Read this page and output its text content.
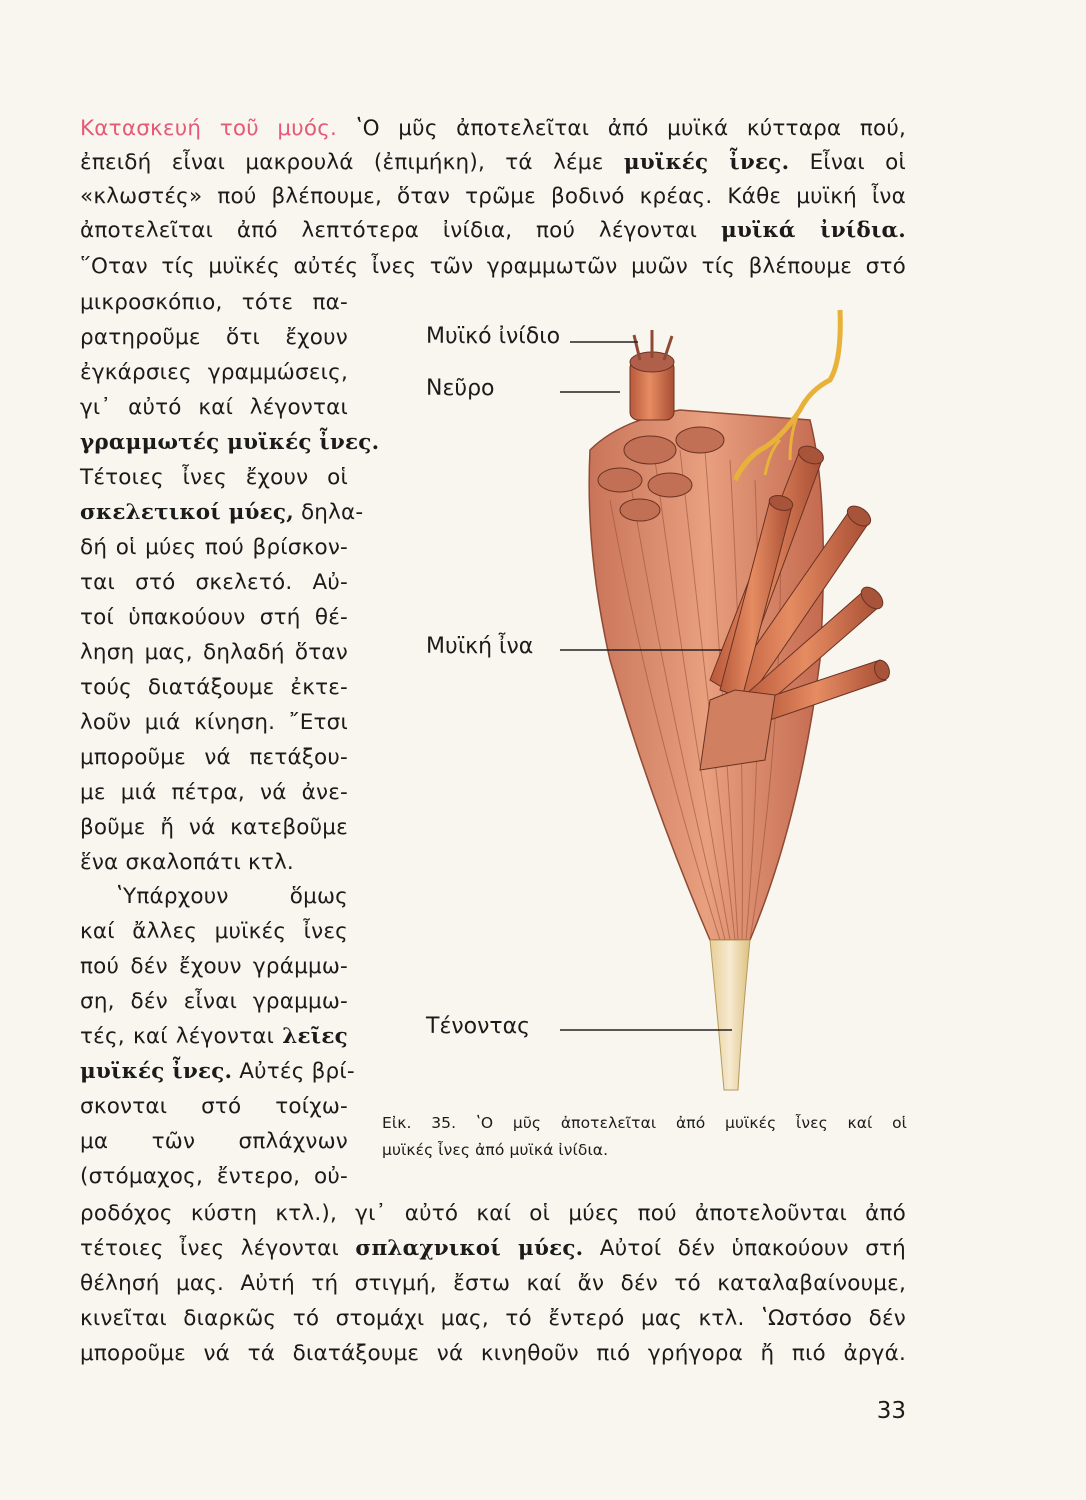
Κατασκευή τοῦ μυός. ʽΟ μῦς ἀποτελεῖται ἀπό μυϊκά κύτταρα πού,
ἐπειδή εἶναι μακρουλά (ἐπιμήκη), τά λέμε μυϊκές ἶνες. Εἶναι οἱ
«κλωστές» πού βλέπουμε, ὅταν τρῶμε βοδινό κρέας. Κάθε μυϊκή ἶνα
ἀποτελεῖται ἀπό λεπτότερα ἰνίδια, πού λέγονται μυϊκά ἰνίδια.
῞Οταν τίς μυϊκές αὐτές ἶνες τῶν γραμμωτῶν μυῶν τίς βλέπουμε στό
μικροσκόπιο, τότε πα-
ρατηροῦμε ὅτι ἔχουν
ἐγκάρσιες γραμμώσεις,
γι᾽ αὐτό καί λέγονται
γραμμωτές μυϊκές ἶνες.
Τέτοιες ἶνες ἔχουν οἱ
σκελετικοί μύες, δηλα-
δή οἱ μύες πού βρίσκον-
ται στό σκελετό. Αὐ-
τοί ὑπακούουν στή θέ-
ληση μας, δηλαδή ὅταν
τούς διατάξουμε ἐκτε-
λοῦν μιά κίνηση. ῎Ετσι
μποροῦμε νά πετάξου-
με μιά πέτρα, νά ἀνε-
βοῦμε ἤ νά κατεβοῦμε
ἕνα σκαλοπάτι κτλ.
ʽΥπάρχουν ὅμως
καί ἄλλες μυϊκές ἶνες
πού δέν ἔχουν γράμμω-
ση, δέν εἶναι γραμμω-
τές, καί λέγονται λεῖες
μυϊκές ἶνες. Αὐτές βρί-
σκονται στό τοίχω-
μα τῶν σπλάχνων
(στόμαχος, ἔντερο, οὐ-
ροδόχος κύστη κτλ.), γι᾽ αὐτό καί οἱ μύες πού ἀποτελοῦνται ἀπό
τέτοιες ἶνες λέγονται σπλαχνικοί μύες. Αὐτοί δέν ὑπακούουν στή
θέλησή μας. Αὐτή τή στιγμή, ἔστω καί ἄν δέν τό καταλαβαίνουμε,
κινεῖται διαρκῶς τό στομάχι μας, τό ἔντερό μας κτλ. ʽΩστόσο δέν
μποροῦμε νά τά διατάξουμε νά κινηθοῦν πιό γρήγορα ἤ πιό ἀργά.
Μυϊκό ἰνίδιο
Νεῦρο
Μυϊκή ἶνα
Τένοντας
Εἰκ. 35. ʽΟ μῦς ἀποτελεῖται ἀπό μυϊκές ἶνες καί οἱ
μυϊκές ἶνες ἀπό μυϊκά ἰνίδια.
33
